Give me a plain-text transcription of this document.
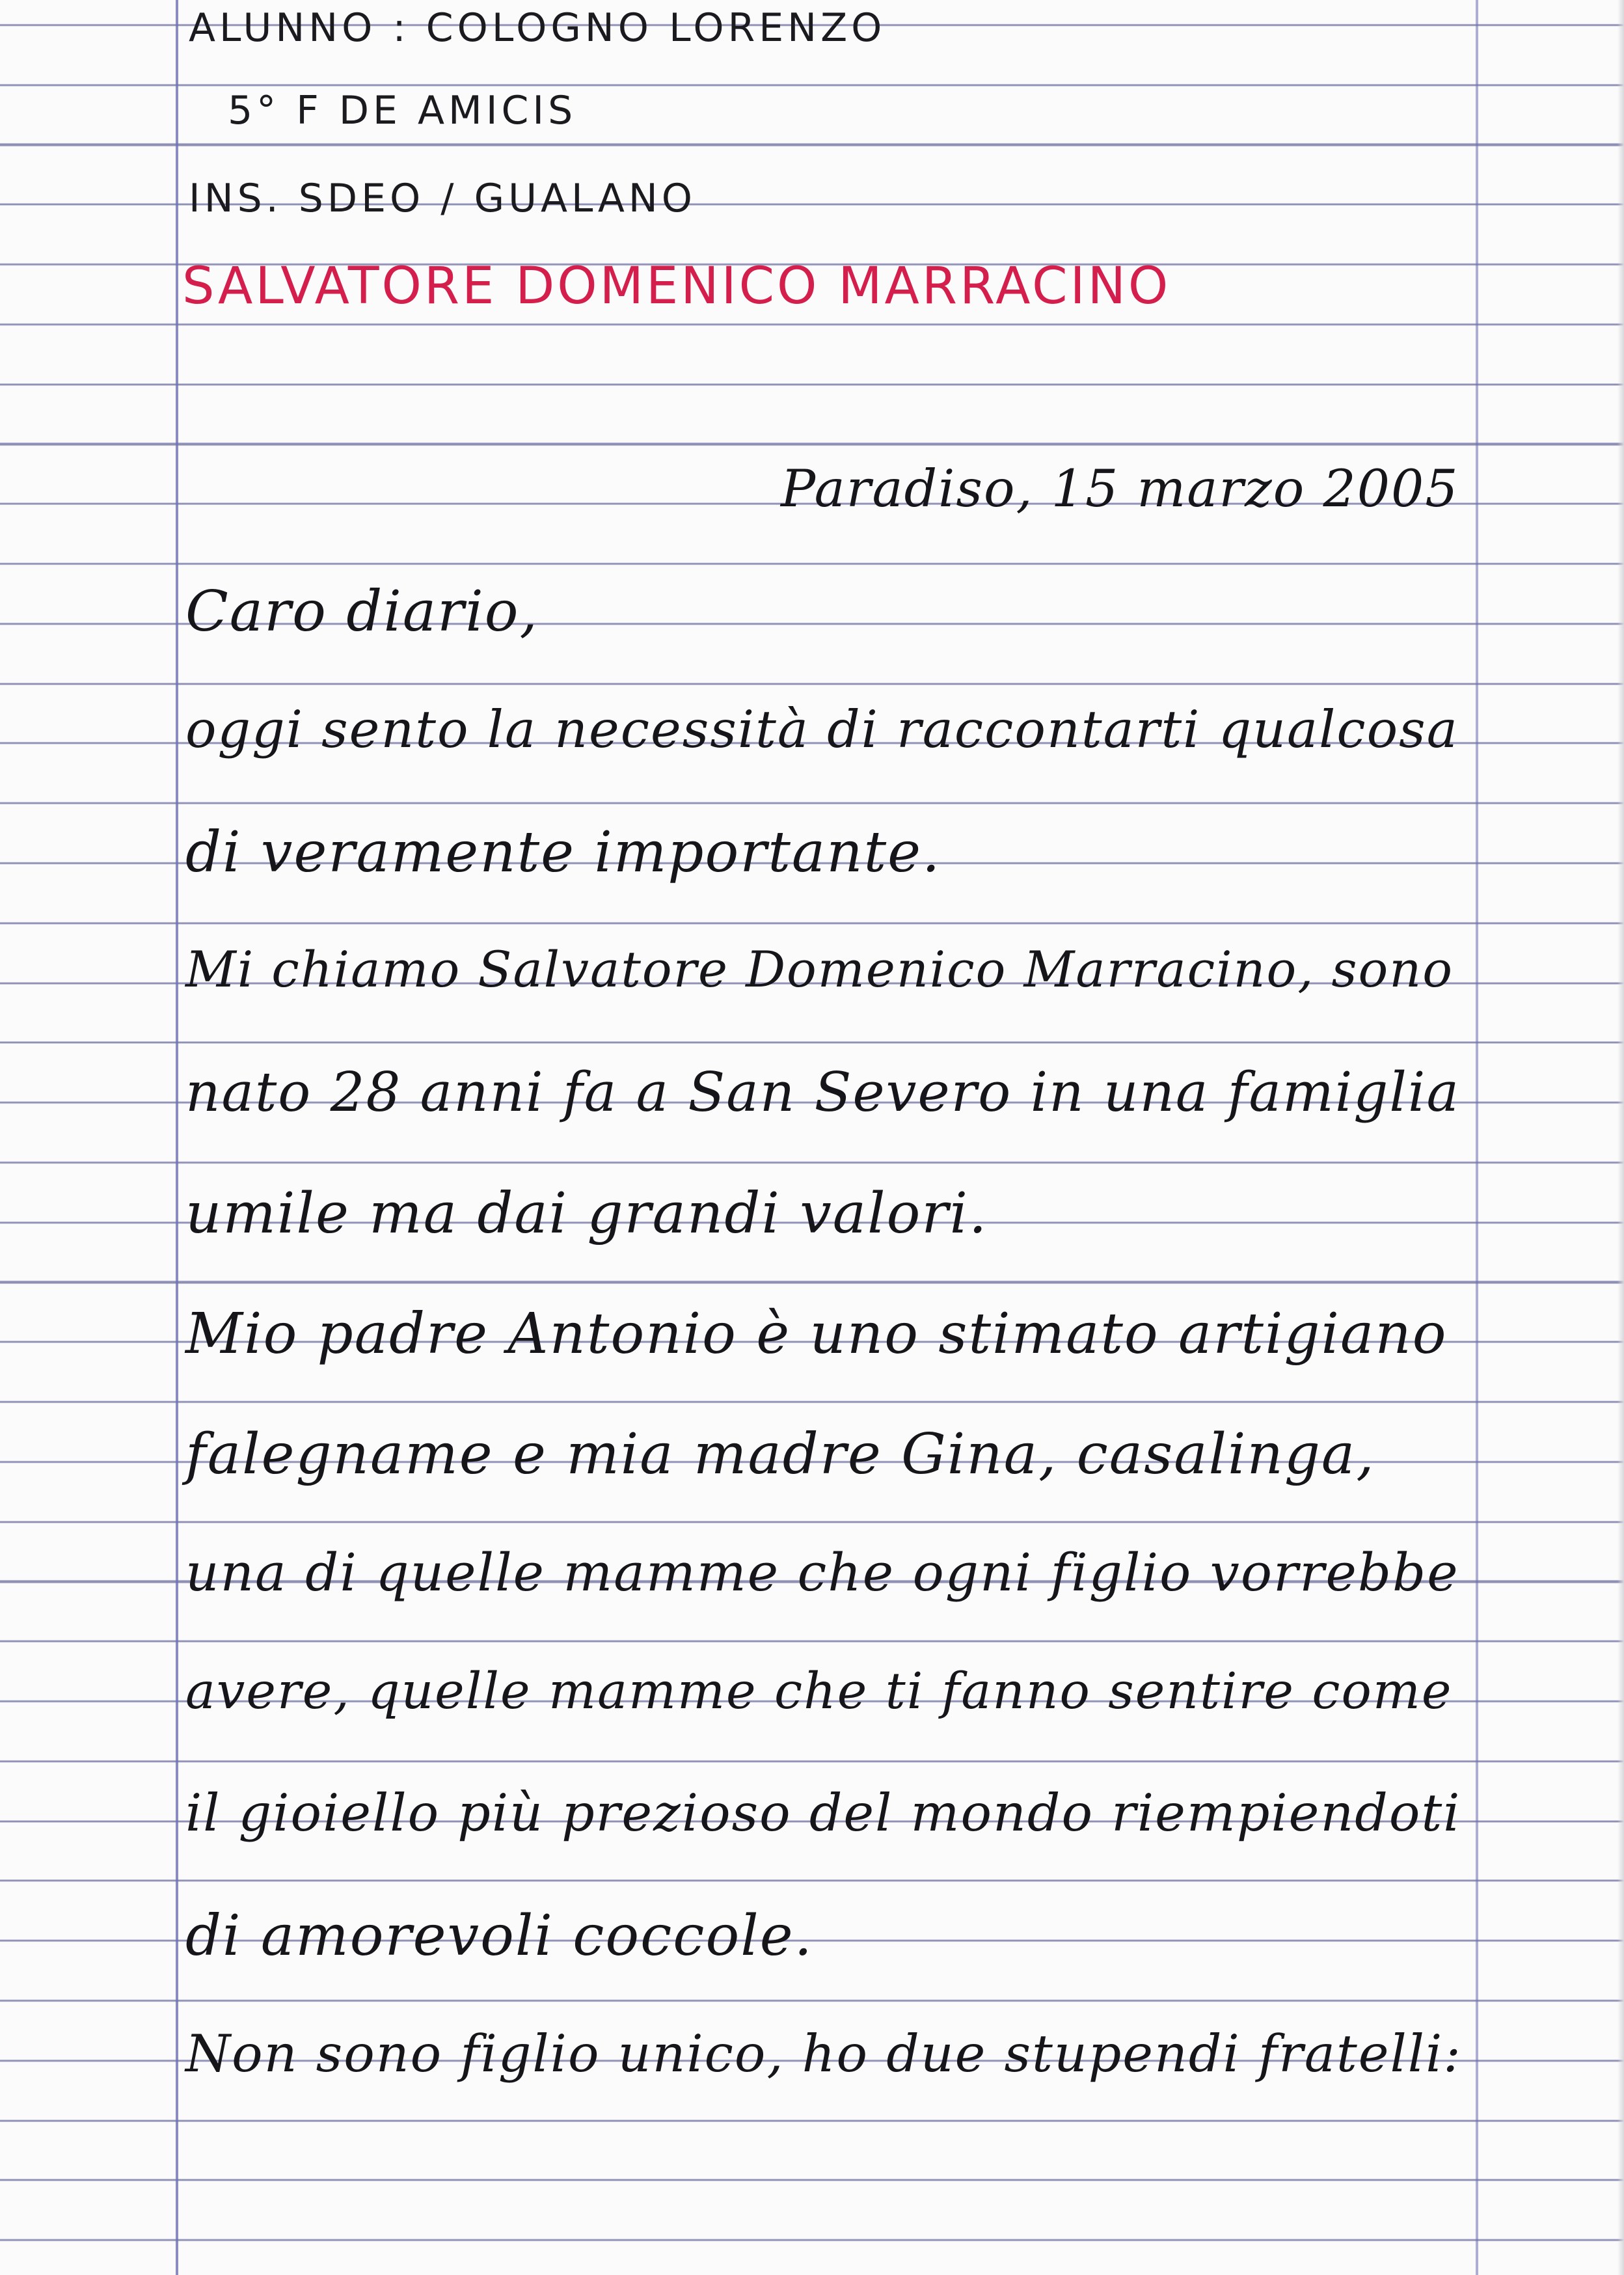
ALUNNO : COLOGNO LORENZO
5° F DE AMICIS
INS. SDEO / GUALANO
SALVATORE DOMENICO MARRACINO
Paradiso, 15 marzo 2005
Caro diario,
oggi sento la necessità di raccontarti qualcosa
di veramente importante.
Mi chiamo Salvatore Domenico Marracino, sono
nato 28 anni fa a San Severo in una famiglia
umile ma dai grandi valori.
Mio padre Antonio è uno stimato artigiano
falegname e mia madre Gina, casalinga,
una di quelle mamme che ogni figlio vorrebbe
avere, quelle mamme che ti fanno sentire come
il gioiello più prezioso del mondo riempiendoti
di amorevoli coccole.
Non sono figlio unico, ho due stupendi fratelli:
